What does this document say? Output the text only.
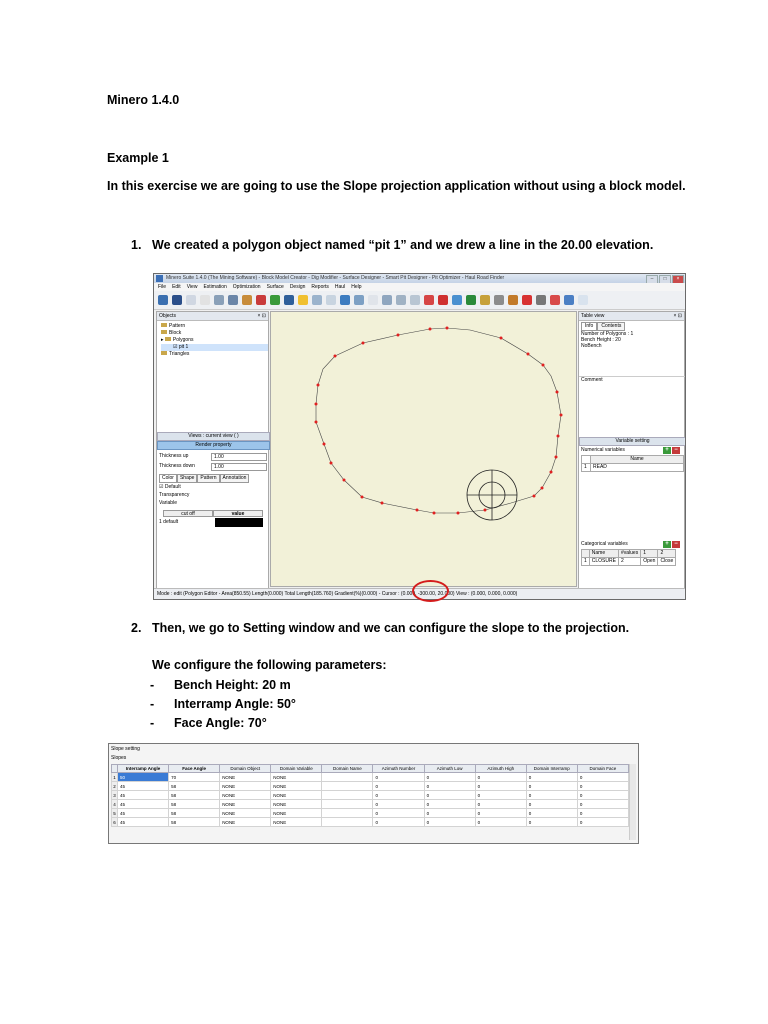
Minero 1.4.0
Example 1
In this exercise we are going to use the Slope projection application without using a block model.
1. We created a polygon object named “pit 1” and we drew a line in the 20.00 elevation.
Minero Suite 1.4.0 (The Mining Software) - Block Model Creator - Dig Modifier - Surface Designer - Smart Pit Designer - Pit Optimizer - Haul Road Finder	–	□	×
File Edit View Estimation Optimization Surface Design Reports Haul Help
Objects	× ⊡
Pattern
Block
▸ Polygons
☑ pit 1
Triangles
Views : current view ( )
Render property
Thickness up	1.00
Thickness down	1.00
Color	Shape	Pattern	Annotation
☑ Default
Transparency
Variable
cut off	value
1 default
Table view	× ⊡
Info	Contents
Number of Polygons : 1
Bench Height : 20
NoBench
Comment
Variable setting
Numerical variables	+ −
	Name
1	READ
Categorical variables	+ −
	Name	#values	1	2
1	CLOSURE	2	Open	Close
Mode : edit (Polygon Editor - Area(850.55) Length(0.000) Total Length(185.760) Gradient(%)(0.000) - Cursor : (0.000, -300.00, 20.000) View : (0.000, 0.000, 0.000)
2. Then, we go to Setting window and we can configure the slope to the projection.
We configure the following parameters:
- Bench Height: 20 m
- Interramp Angle: 50°
- Face Angle: 70°
Slope setting
Slopes
	Interramp Angle	Face Angle	Domain Object	Domain Variable	Domain Name	Azimuth Number	Azimuth Low	Azimuth High	Domain Interramp	Domain Face
1	50	70	NONE	NONE		0	0	0	0	0
2	45	58	NONE	NONE		0	0	0	0	0
3	45	58	NONE	NONE		0	0	0	0	0
4	45	58	NONE	NONE		0	0	0	0	0
5	45	58	NONE	NONE		0	0	0	0	0
6	45	58	NONE	NONE		0	0	0	0	0
